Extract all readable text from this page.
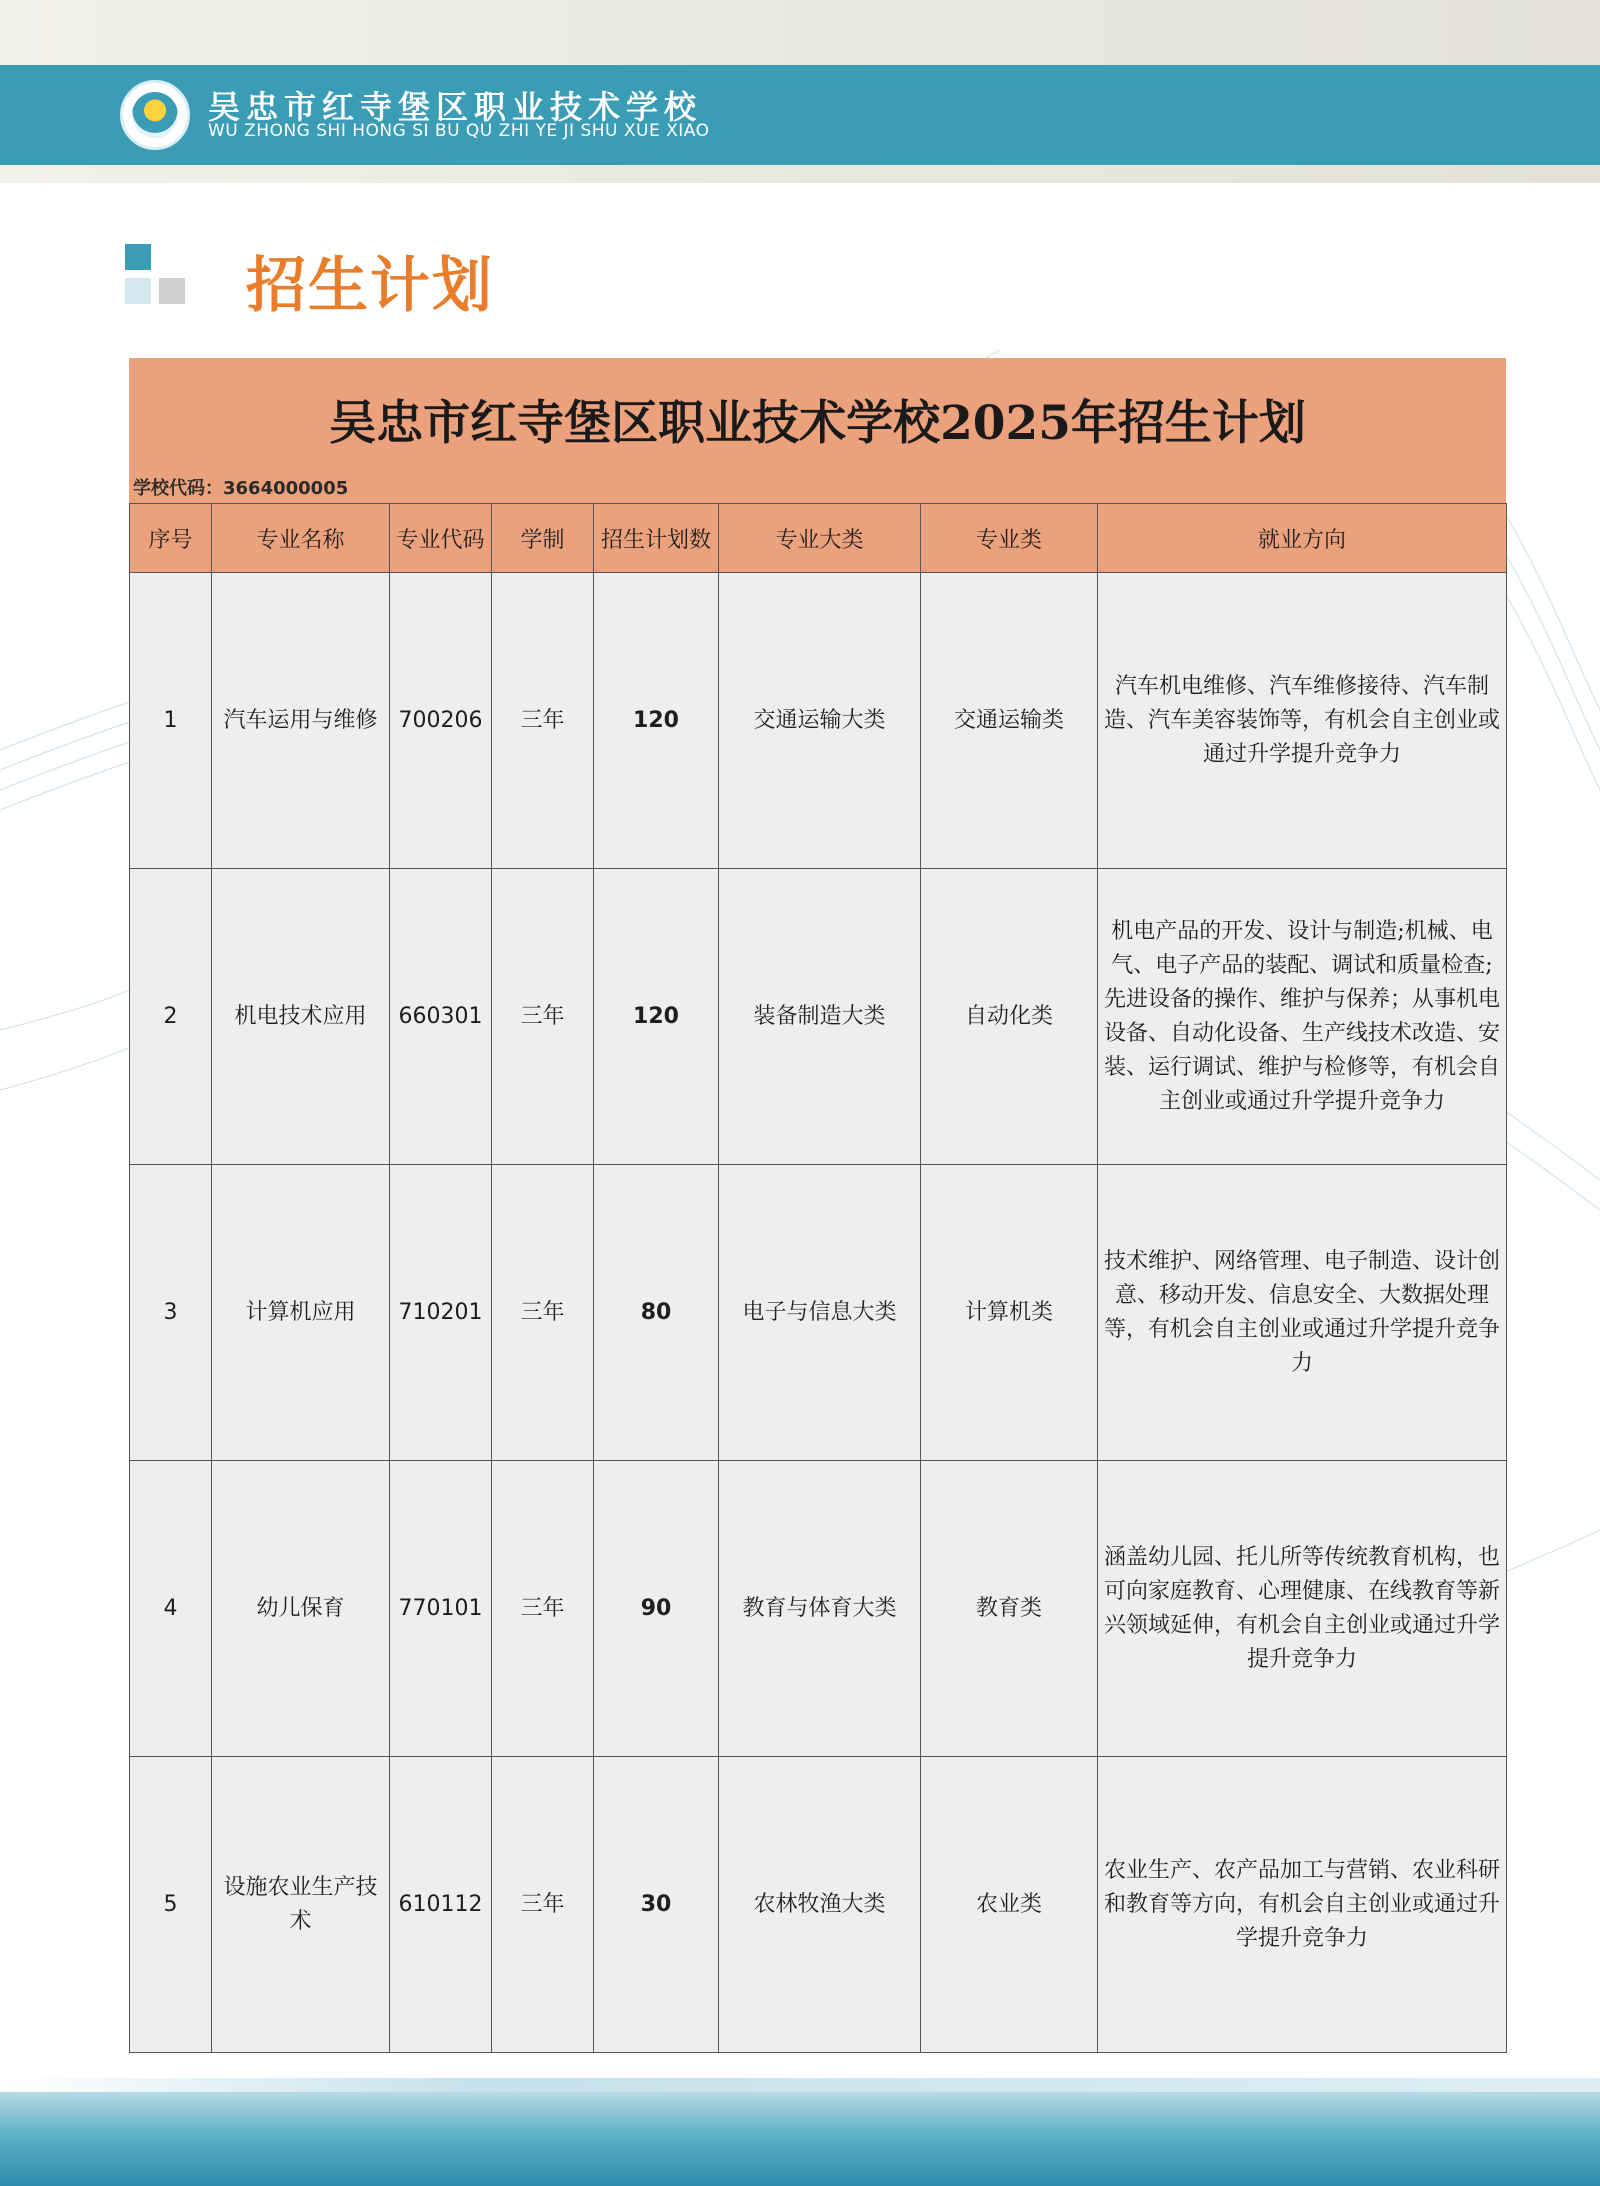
吴忠市红寺堡区职业技术学校
WU ZHONG SHI HONG SI BU QU ZHI YE JI SHU XUE XIAO
招生计划
吴忠市红寺堡区职业技术学校2025年招生计划
学校代码：3664000005
序号	专业名称	专业代码	学制	招生计划数	专业大类	专业类	就业方向
1	汽车运用与维修	700206	三年	120	交通运输大类	交通运输类	汽车机电维修、汽车维修接待、汽车制造、汽车美容装饰等，有机会自主创业或通过升学提升竞争力
2	机电技术应用	660301	三年	120	装备制造大类	自动化类	机电产品的开发、设计与制造;机械、电气、电子产品的装配、调试和质量检查;先进设备的操作、维护与保养；从事机电设备、自动化设备、生产线技术改造、安装、运行调试、维护与检修等，有机会自主创业或通过升学提升竞争力
3	计算机应用	710201	三年	80	电子与信息大类	计算机类	技术维护、网络管理、电子制造、设计创意、移动开发、信息安全、大数据处理等，有机会自主创业或通过升学提升竞争力
4	幼儿保育	770101	三年	90	教育与体育大类	教育类	涵盖幼儿园、托儿所等传统教育机构，也可向家庭教育、心理健康、在线教育等新兴领域延伸，有机会自主创业或通过升学提升竞争力
5	设施农业生产技术	610112	三年	30	农林牧渔大类	农业类	农业生产、农产品加工与营销、农业科研和教育等方向，有机会自主创业或通过升学提升竞争力
